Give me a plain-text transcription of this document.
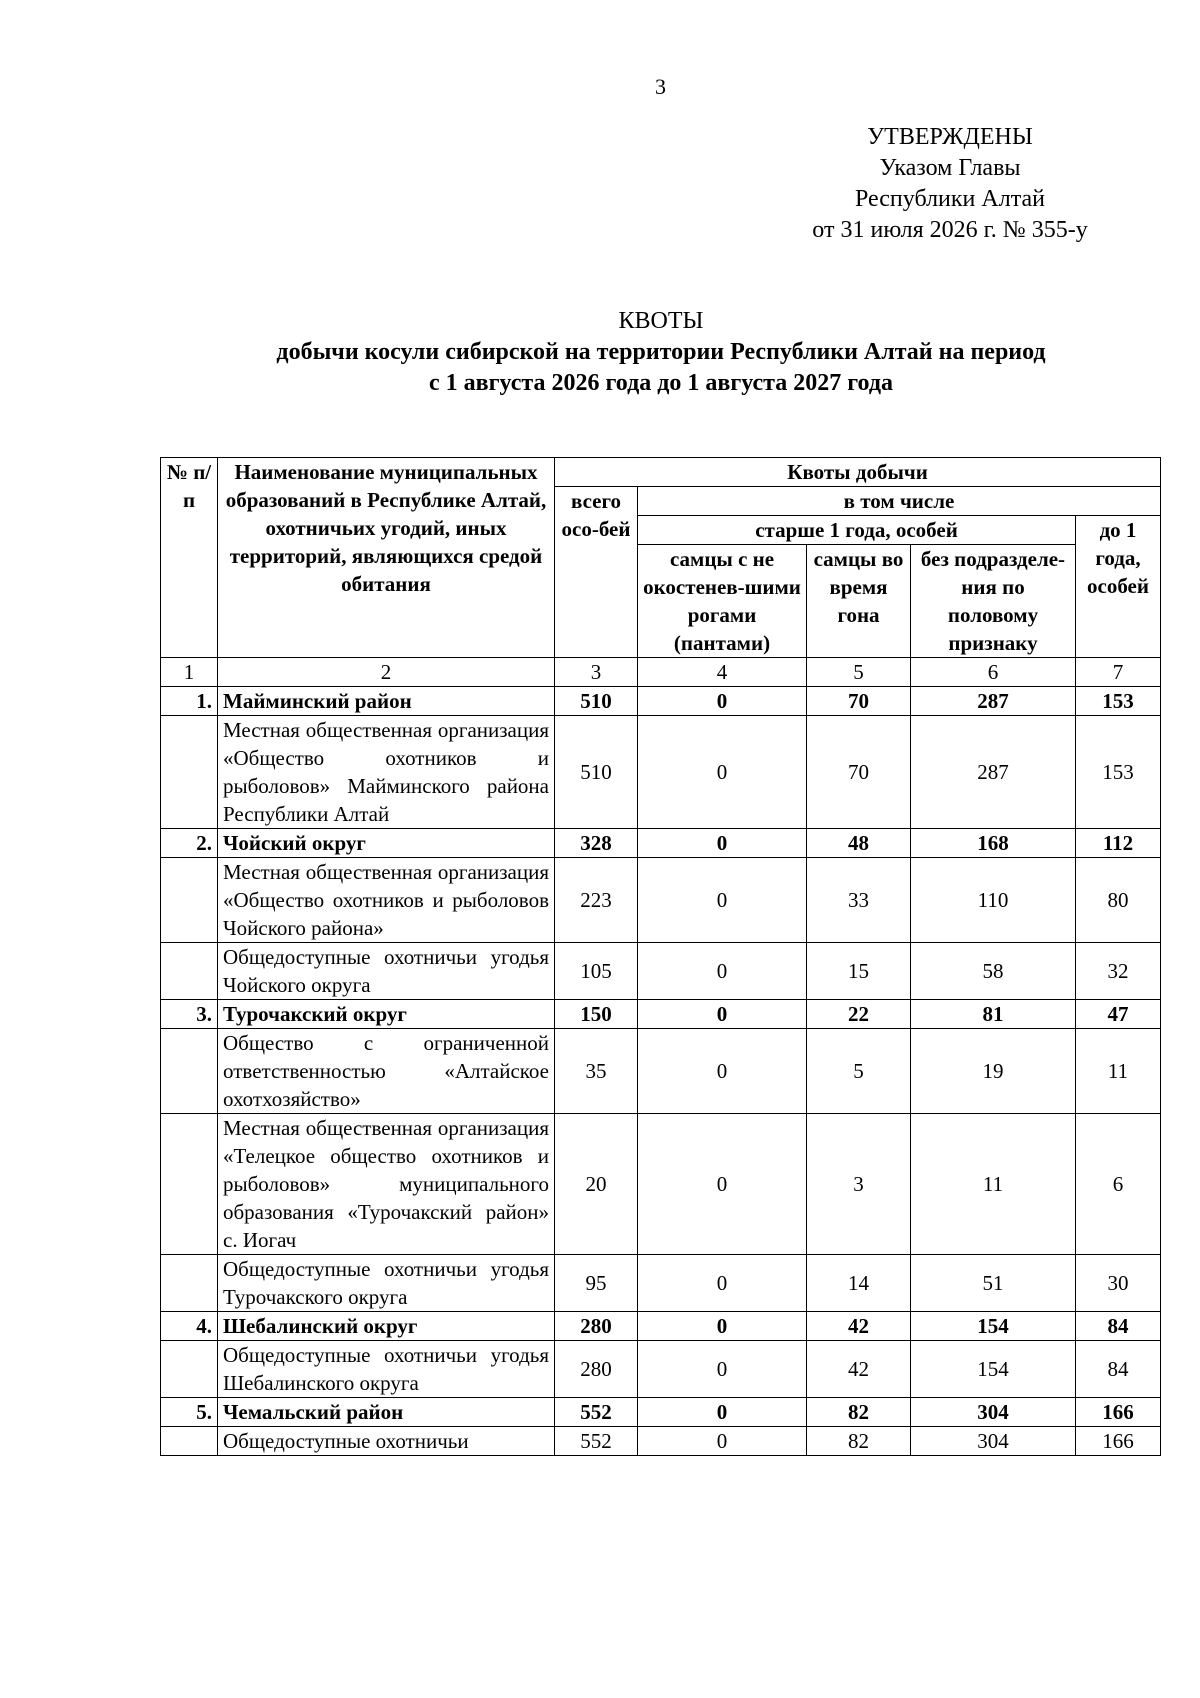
3
УТВЕРЖДЕНЫ
Указом Главы
Республики Алтай
от 31 июля 2026 г. № 355-у
КВОТЫ
добычи косули сибирской на территории Республики Алтай на период
с 1 августа 2026 года до 1 августа 2027 года
№ п/п	Наименование муниципальных образований в Республике Алтай, охотничьих угодий, иных территорий, являющихся средой обитания	Квоты добычи				
		всего осо-бей	в том числе			
			старше 1 года, особей			до 1 года, особей
			самцы с не окостенев-шими рогами (пантами)	самцы во время гона	без подразделе-ния по половому признаку	
1	2	3	4	5	6	7
1.	Майминский район	510	0	70	287	153
	Местная общественная организация «Общество охотников и рыболовов» Майминского района Республики Алтай	510	0	70	287	153
2.	Чойский округ	328	0	48	168	112
	Местная общественная организация «Общество охотников и рыболовов Чойского района»	223	0	33	110	80
	Общедоступные охотничьи угодья Чойского округа	105	0	15	58	32
3.	Турочакский округ	150	0	22	81	47
	Общество с ограниченной ответственностью «Алтайское охотхозяйство»	35	0	5	19	11
	Местная общественная организация «Телецкое общество охотников и рыболовов» муниципального образования «Турочакский район» с. Иогач	20	0	3	11	6
	Общедоступные охотничьи угодья Турочакского округа	95	0	14	51	30
4.	Шебалинский округ	280	0	42	154	84
	Общедоступные охотничьи угодья Шебалинского округа	280	0	42	154	84
5.	Чемальский район	552	0	82	304	166
	Общедоступные охотничьи	552	0	82	304	166
